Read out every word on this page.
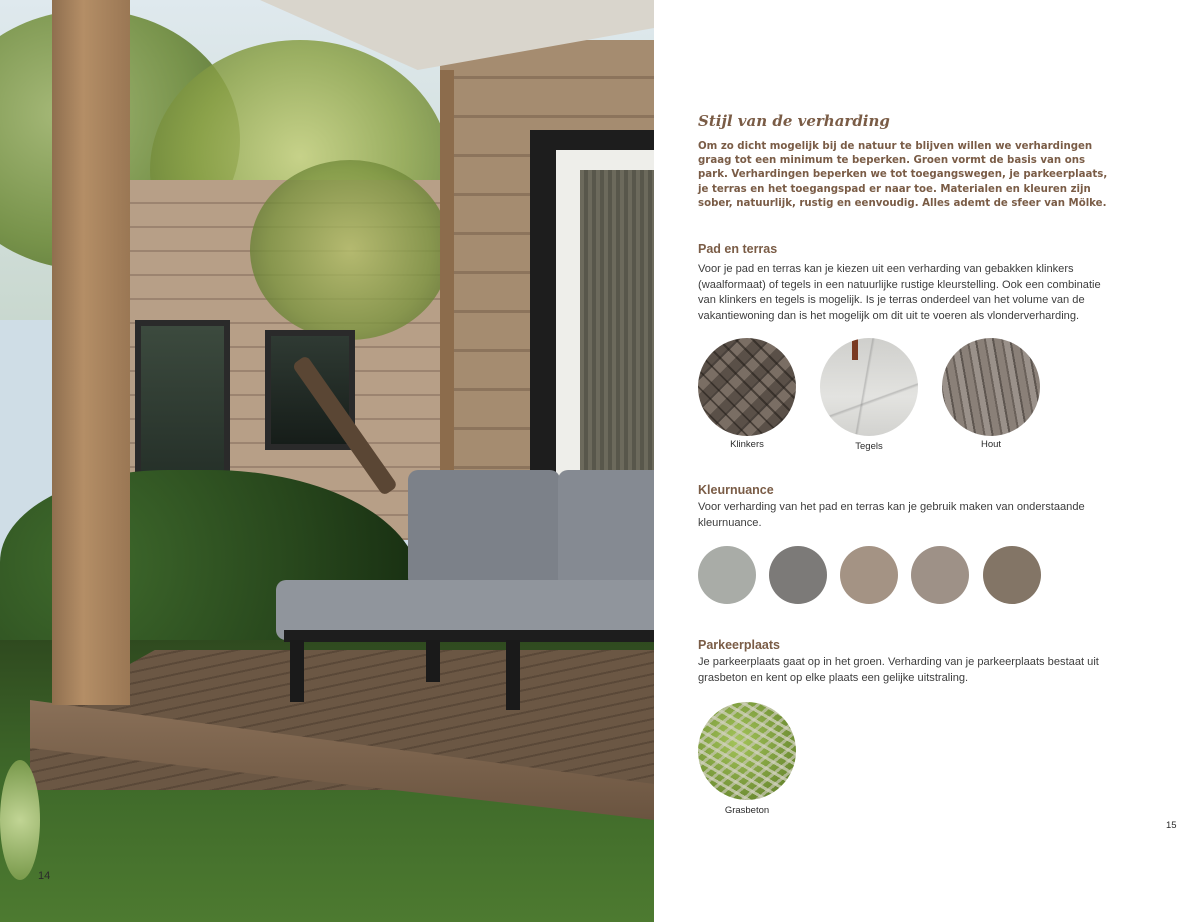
14
Stijl van de verharding

Om zo dicht mogelijk bij de natuur te blijven willen we verhardingen graag tot een minimum te beperken. Groen vormt de basis van ons park. Verhardingen beperken we tot toegangswegen, je parkeerplaats, je terras en het toegangspad er naar toe. Materialen en kleuren zijn sober, natuurlijk, rustig en eenvoudig. Alles ademt de sfeer van Mölke.

Pad en terras

Voor je pad en terras kan je kiezen uit een verharding van gebakken klinkers (waalformaat) of tegels in een natuurlijke rustige kleurstelling. Ook een combinatie van klinkers en tegels is mogelijk. Is je terras onderdeel van het volume van de vakantiewoning dan is het mogelijk om dit uit te voeren als vlonderverharding.

Klinkers	Tegels	Hout
Kleurnuance

Voor verharding van het pad en terras kan je gebruik maken van onderstaande kleurnuance.

Parkeerplaats

Je parkeerplaats gaat op in het groen. Verharding van je parkeerplaats bestaat uit grasbeton en kent op elke plaats een gelijke uitstraling.

Grasbeton
15
